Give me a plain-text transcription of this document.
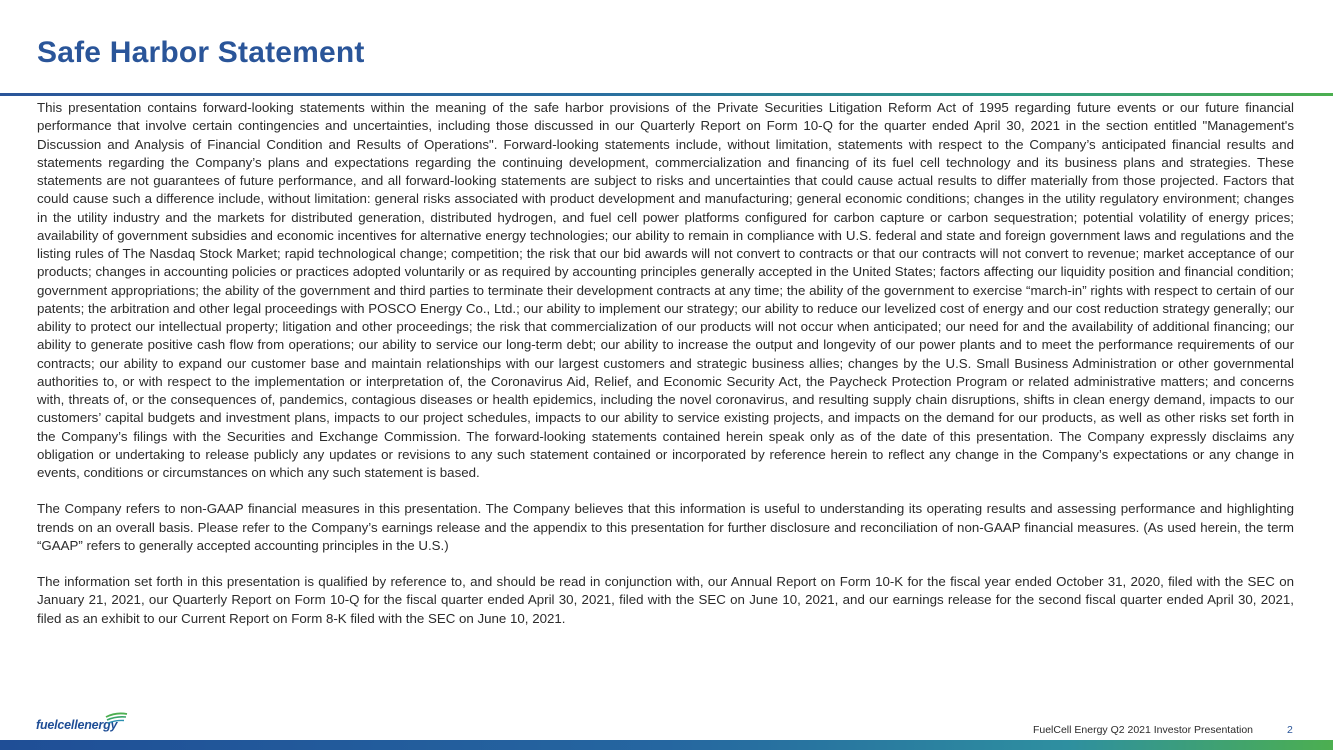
Safe Harbor Statement

This presentation contains forward-looking statements within the meaning of the safe harbor provisions of the Private Securities Litigation Reform Act of 1995 regarding future events or our future financial performance that involve certain contingencies and uncertainties, including those discussed in our Quarterly Report on Form 10-Q for the quarter ended April 30, 2021 in the section entitled "Management's Discussion and Analysis of Financial Condition and Results of Operations". Forward-looking statements include, without limitation, statements with respect to the Company’s anticipated financial results and statements regarding the Company’s plans and expectations regarding the continuing development, commercialization and financing of its fuel cell technology and its business plans and strategies. These statements are not guarantees of future performance, and all forward-looking statements are subject to risks and uncertainties that could cause actual results to differ materially from those projected. Factors that could cause such a difference include, without limitation: general risks associated with product development and manufacturing; general economic conditions; changes in the utility regulatory environment; changes in the utility industry and the markets for distributed generation, distributed hydrogen, and fuel cell power platforms configured for carbon capture or carbon sequestration; potential volatility of energy prices; availability of government subsidies and economic incentives for alternative energy technologies; our ability to remain in compliance with U.S. federal and state and foreign government laws and regulations and the listing rules of The Nasdaq Stock Market; rapid technological change; competition; the risk that our bid awards will not convert to contracts or that our contracts will not convert to revenue; market acceptance of our products; changes in accounting policies or practices adopted voluntarily or as required by accounting principles generally accepted in the United States; factors affecting our liquidity position and financial condition; government appropriations; the ability of the government and third parties to terminate their development contracts at any time; the ability of the government to exercise “march-in” rights with respect to certain of our patents; the arbitration and other legal proceedings with POSCO Energy Co., Ltd.; our ability to implement our strategy; our ability to reduce our levelized cost of energy and our cost reduction strategy generally; our ability to protect our intellectual property; litigation and other proceedings; the risk that commercialization of our products will not occur when anticipated; our need for and the availability of additional financing; our ability to generate positive cash flow from operations; our ability to service our long-term debt; our ability to increase the output and longevity of our power plants and to meet the performance requirements of our contracts; our ability to expand our customer base and maintain relationships with our largest customers and strategic business allies; changes by the U.S. Small Business Administration or other governmental authorities to, or with respect to the implementation or interpretation of, the Coronavirus Aid, Relief, and Economic Security Act, the Paycheck Protection Program or related administrative matters; and concerns with, threats of, or the consequences of, pandemics, contagious diseases or health epidemics, including the novel coronavirus, and resulting supply chain disruptions, shifts in clean energy demand, impacts to our customers’ capital budgets and investment plans, impacts to our project schedules, impacts to our ability to service existing projects, and impacts on the demand for our products, as well as other risks set forth in the Company’s filings with the Securities and Exchange Commission. The forward-looking statements contained herein speak only as of the date of this presentation. The Company expressly disclaims any obligation or undertaking to release publicly any updates or revisions to any such statement contained or incorporated by reference herein to reflect any change in the Company’s expectations or any change in events, conditions or circumstances on which any such statement is based.

The Company refers to non-GAAP financial measures in this presentation. The Company believes that this information is useful to understanding its operating results and assessing performance and highlighting trends on an overall basis. Please refer to the Company’s earnings release and the appendix to this presentation for further disclosure and reconciliation of non-GAAP financial measures. (As used herein, the term “GAAP” refers to generally accepted accounting principles in the U.S.)

The information set forth in this presentation is qualified by reference to, and should be read in conjunction with, our Annual Report on Form 10-K for the fiscal year ended October 31, 2020, filed with the SEC on January 21, 2021, our Quarterly Report on Form 10-Q for the fiscal quarter ended April 30, 2021, filed with the SEC on June 10, 2021, and our earnings release for the second fiscal quarter ended April 30, 2021, filed as an exhibit to our Current Report on Form 8-K filed with the SEC on June 10, 2021.

fuelcellenergy	FuelCell Energy Q2 2021 Investor Presentation	2
